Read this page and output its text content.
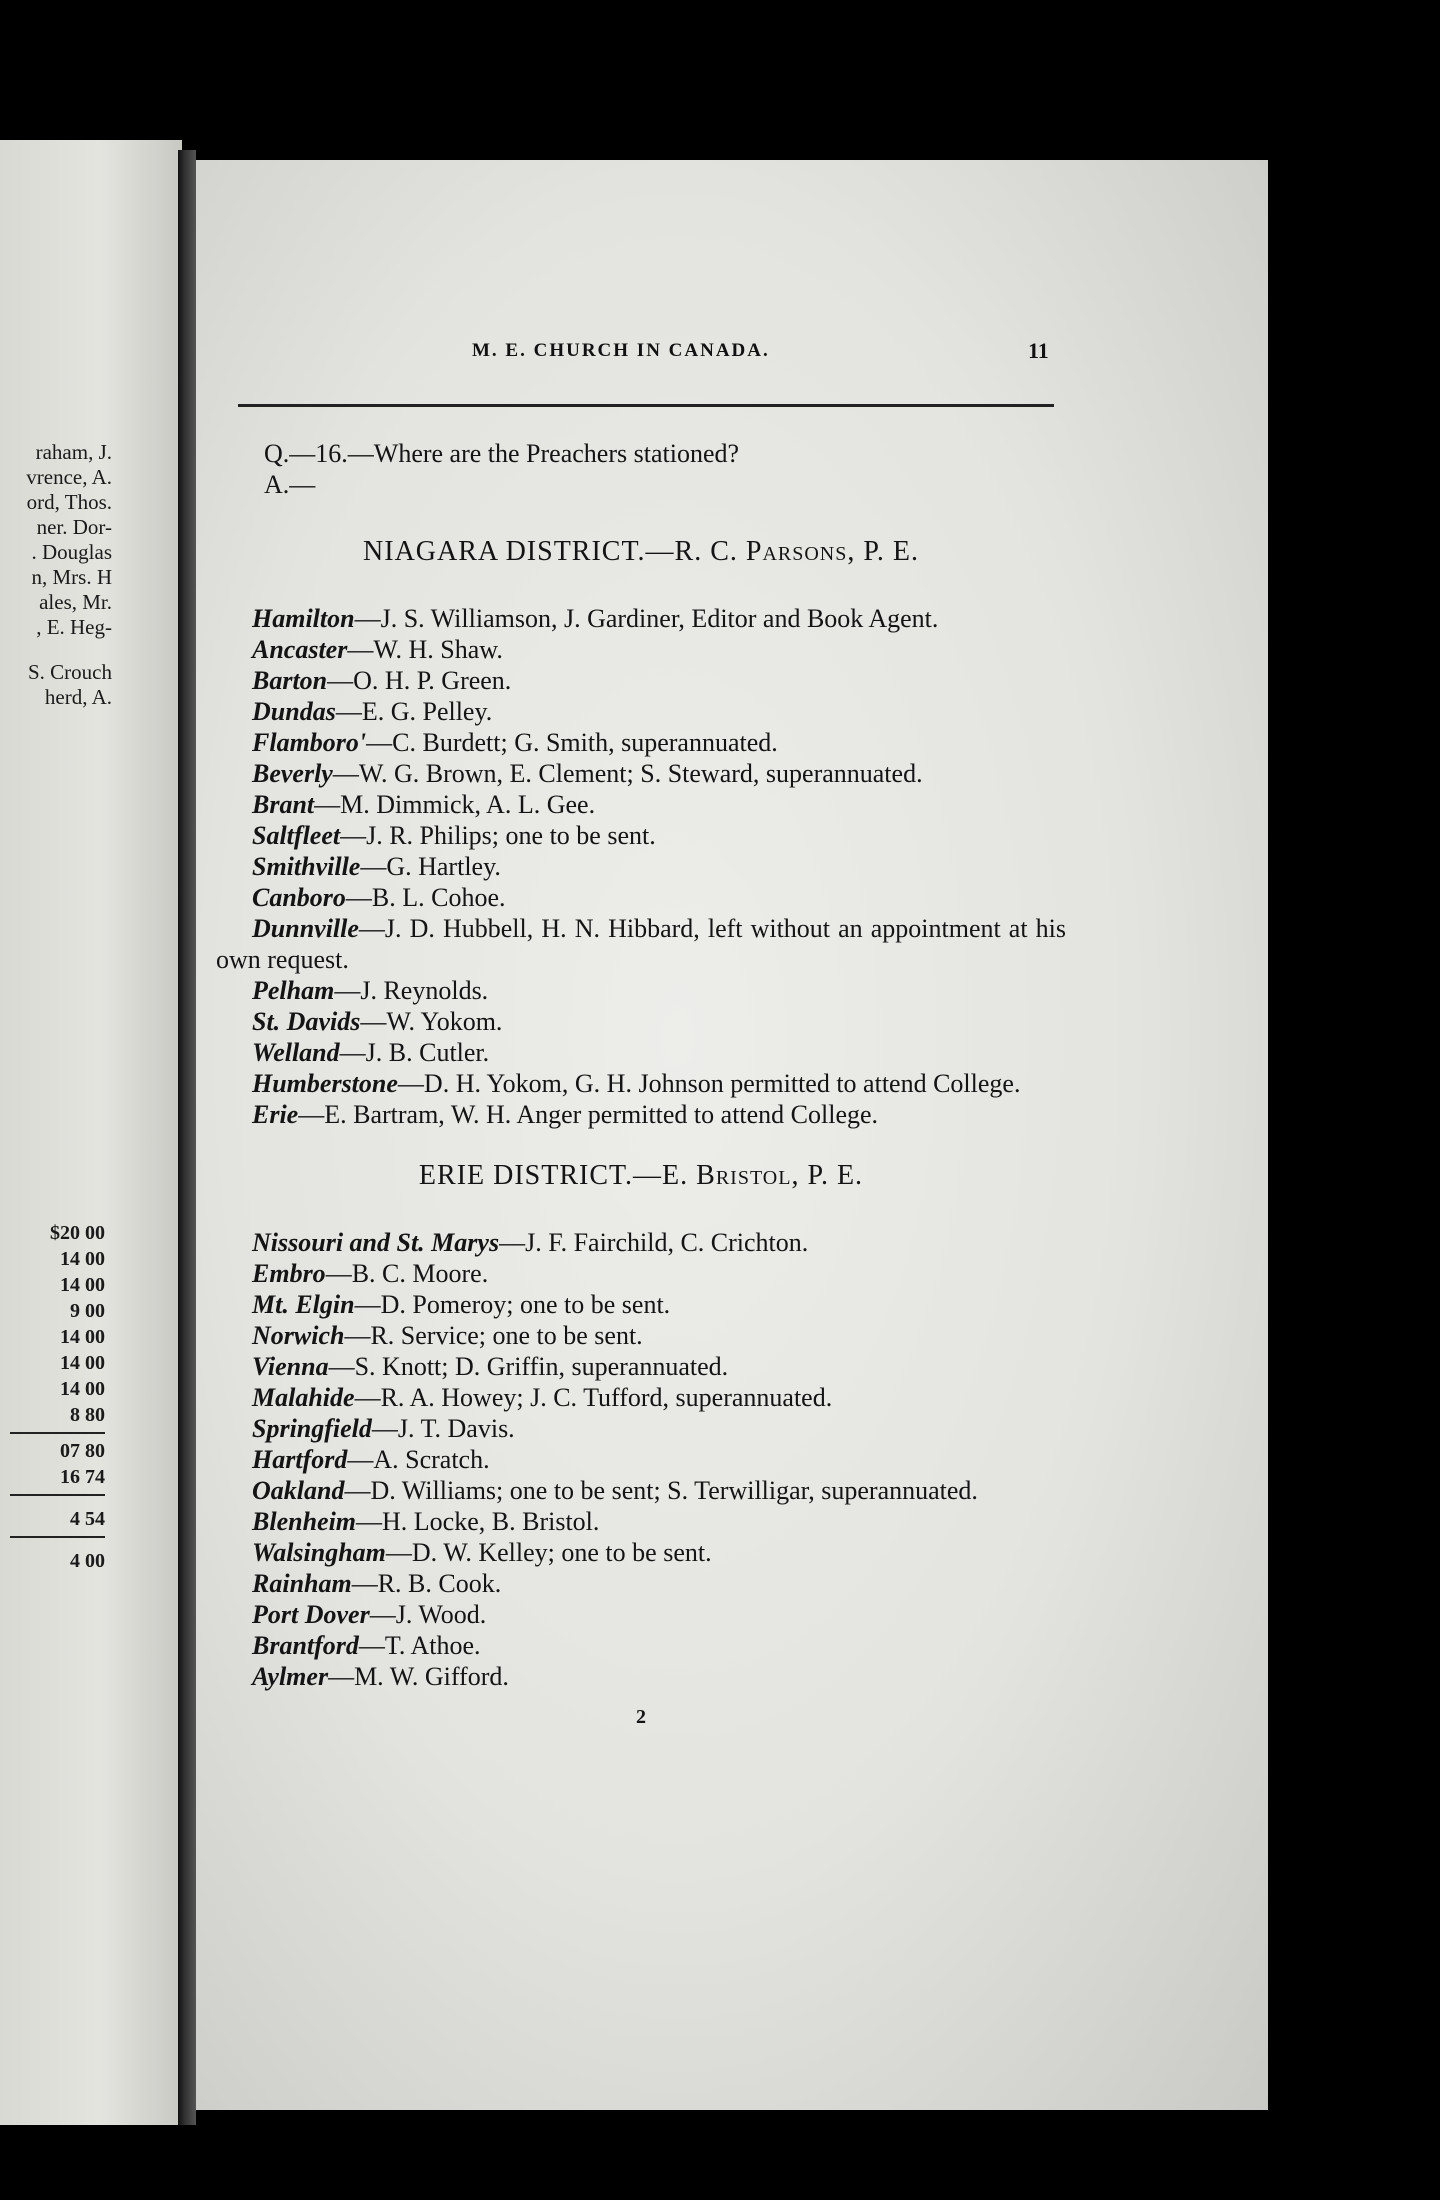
raham, J.
vrence, A.
ord, Thos.
ner. Dor-
. Douglas
n, Mrs. H
ales, Mr.
, E. Heg-
S. Crouch
herd, A.
$20 00
14 00
14 00
9 00
14 00
14 00
14 00
8 80
07 80
16 74
4 54
4 00
M. E. CHURCH IN CANADA.	11

Q.—16.—Where are the Preachers stationed?

A.—

NIAGARA DISTRICT.—R. C. Parsons, P. E.

Hamilton—J. S. Williamson, J. Gardiner, Editor and Book Agent.

Ancaster—W. H. Shaw.

Barton—O. H. P. Green.

Dundas—E. G. Pelley.

Flamboro'—C. Burdett; G. Smith, superannuated.

Beverly—W. G. Brown, E. Clement; S. Steward, superannuated.

Brant—M. Dimmick, A. L. Gee.

Saltfleet—J. R. Philips; one to be sent.

Smithville—G. Hartley.

Canboro—B. L. Cohoe.

Dunnville—J. D. Hubbell, H. N. Hibbard, left without an appointment at his own request.

Pelham—J. Reynolds.

St. Davids—W. Yokom.

Welland—J. B. Cutler.

Humberstone—D. H. Yokom, G. H. Johnson permitted to attend College.

Erie—E. Bartram, W. H. Anger permitted to attend College.

ERIE DISTRICT.—E. Bristol, P. E.

Nissouri and St. Marys—J. F. Fairchild, C. Crichton.

Embro—B. C. Moore.

Mt. Elgin—D. Pomeroy; one to be sent.

Norwich—R. Service; one to be sent.

Vienna—S. Knott; D. Griffin, superannuated.

Malahide—R. A. Howey; J. C. Tufford, superannuated.

Springfield—J. T. Davis.

Hartford—A. Scratch.

Oakland—D. Williams; one to be sent; S. Terwilligar, superannuated.

Blenheim—H. Locke, B. Bristol.

Walsingham—D. W. Kelley; one to be sent.

Rainham—R. B. Cook.

Port Dover—J. Wood.

Brantford—T. Athoe.

Aylmer—M. W. Gifford.

2
